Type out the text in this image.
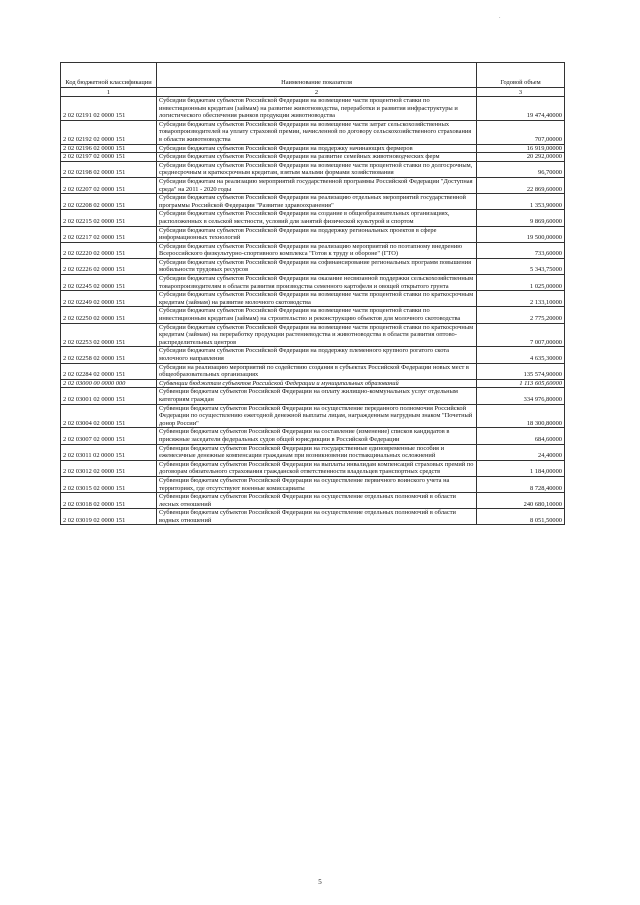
.
Код бюджетной классификации	Наименование показателя	Годовой объем
1	2	3
2 02 02191 02 0000 151	Субсидии бюджетам субъектов Российской Федерации на возмещение части процентной ставки по инвестиционным кредитам (займам) на развитие животноводства, переработки и развития инфраструктуры и логистического обеспечения рынков продукции животноводства	19 474,40000
2 02 02192 02 0000 151	Субсидии бюджетам субъектов Российской Федерации на возмещение части затрат сельскохозяйственных товаропроизводителей на уплату страховой премии, начисленной по договору сельскохозяйственного страхования в области животноводства	707,00000
2 02 02196 02 0000 151	Субсидии бюджетам субъектов Российской Федерации на поддержку начинающих фермеров	16 919,00000
2 02 02197 02 0000 151	Субсидии бюджетам субъектов Российской Федерации на развитие семейных животноводческих ферм	20 292,00000
2 02 02198 02 0000 151	Субсидии бюджетам субъектов Российской Федерации на возмещение части процентной ставки по долгосрочным, среднесрочным и краткосрочным кредитам, взятым малыми формами хозяйствования	96,70000
2 02 02207 02 0000 151	Субсидии бюджетам на реализацию мероприятий государственной программы Российской Федерации "Доступная среда" на 2011 - 2020 годы	22 869,60000
2 02 02208 02 0000 151	Субсидии бюджетам субъектов Российской Федерации на реализацию отдельных мероприятий государственной программы Российской Федерации "Развитие здравоохранения"	1 353,90000
2 02 02215 02 0000 151	Субсидии бюджетам субъектов Российской Федерации на создание в общеобразовательных организациях, расположенных в сельской местности, условий для занятий физической культурой и спортом	9 869,60000
2 02 02217 02 0000 151	Субсидии бюджетам субъектов Российской Федерации на поддержку региональных проектов в сфере информационных технологий	19 500,00000
2 02 02220 02 0000 151	Субсидии бюджетам субъектов Российской Федерации на реализацию мероприятий по поэтапному внедрению Всероссийского физкультурно-спортивного комплекса "Готов к труду и обороне" (ГТО)	733,60000
2 02 02226 02 0000 151	Субсидии бюджетам субъектов Российской Федерации на софинансирование региональных программ повышения мобильности трудовых ресурсов	5 343,75000
2 02 02245 02 0000 151	Субсидии бюджетам субъектов Российской Федерации на оказание несвязанной поддержки сельскохозяйственным товаропроизводителям в области развития производства семенного картофеля и овощей открытого грунта	1 025,00000
2 02 02249 02 0000 151	Субсидии бюджетам субъектов Российской Федерации на возмещение части процентной ставки по краткосрочным кредитам (займам) на развитие молочного скотоводства	2 133,10000
2 02 02250 02 0000 151	Субсидии бюджетам субъектов Российской Федерации на возмещение части процентной ставки по инвестиционным кредитам (займам) на строительство и реконструкцию объектов для молочного скотоводства	2 775,20000
2 02 02253 02 0000 151	Субсидии бюджетам субъектов Российской Федерации на возмещение части процентной ставки по краткосрочным кредитам (займам) на переработку продукции растениеводства и животноводства в области развития оптово-распределительных центров	7 007,00000
2 02 02258 02 0000 151	Субсидии бюджетам субъектов Российской Федерации на поддержку племенного крупного рогатого скота молочного направления	4 635,30000
2 02 02284 02 0000 151	Субсидии на реализацию мероприятий по содействию создания в субъектах Российской Федерации новых мест в общеобразовательных организациях	135 574,90000
2 02 03000 00 0000 000	Субвенции бюджетам субъектов Российской Федерации и муниципальных образований	1 113 605,60000
2 02 03001 02 0000 151	Субвенции бюджетам субъектов Российской Федерации на оплату жилищно-коммунальных услуг отдельным категориям граждан	334 976,80000
2 02 03004 02 0000 151	Субвенции бюджетам субъектов Российской Федерации на осуществление переданного полномочия Российской Федерации по осуществлению ежегодной денежной выплаты лицам, награжденным нагрудным знаком "Почетный донор России"	18 300,80000
2 02 03007 02 0000 151	Субвенции бюджетам субъектов Российской Федерации на составление (изменение) списков кандидатов в присяжные заседатели федеральных судов общей юрисдикции в Российской Федерации	684,60000
2 02 03011 02 0000 151	Субвенции бюджетам субъектов Российской Федерации на государственные единовременные пособия и ежемесячные денежные компенсации гражданам при возникновении поствакцинальных осложнений	24,40000
2 02 03012 02 0000 151	Субвенции бюджетам субъектов Российской Федерации на выплаты инвалидам компенсаций страховых премий по договорам обязательного страхования гражданской ответственности владельцев транспортных средств	1 184,00000
2 02 03015 02 0000 151	Субвенции бюджетам субъектов Российской Федерации на осуществление первичного воинского учета на территориях, где отсутствуют военные комиссариаты	8 728,40000
2 02 03018 02 0000 151	Субвенции бюджетам субъектов Российской Федерации на осуществление отдельных полномочий в области лесных отношений	240 680,10000
2 02 03019 02 0000 151	Субвенции бюджетам субъектов Российской Федерации на осуществление отдельных полномочий в области водных отношений	8 051,50000
5
